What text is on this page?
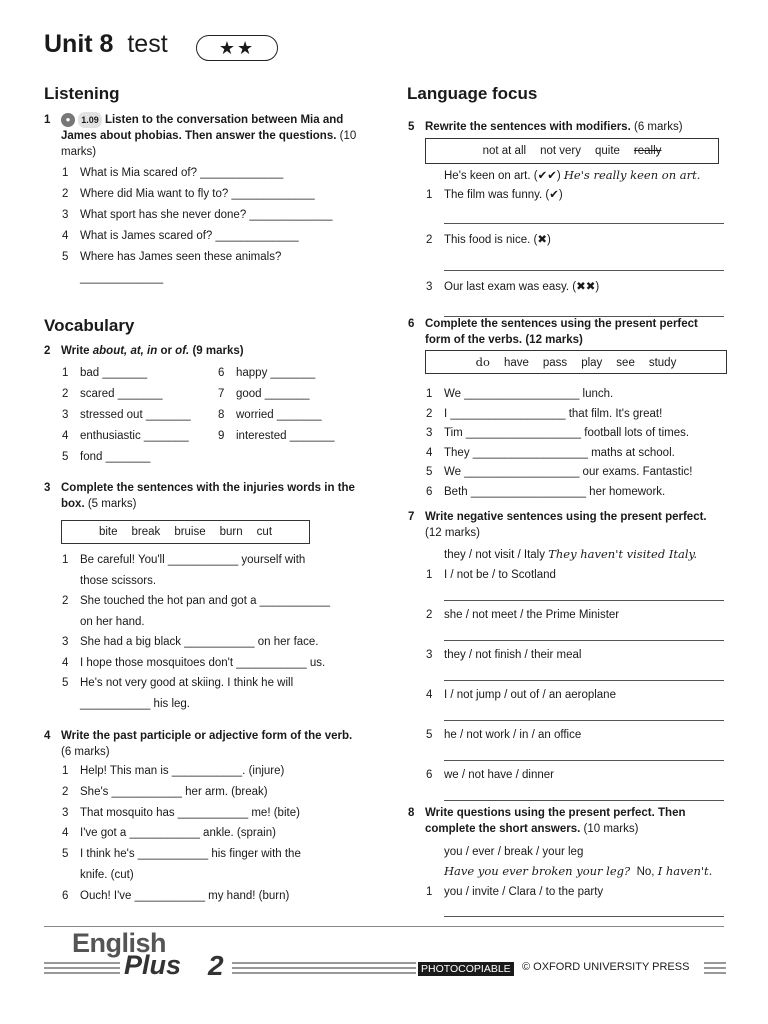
Unit 8 test	★★
Listening
1 ● 1.09 Listen to the conversation between Mia and James about phobias. Then answer the questions. (10 marks)
1 What is Mia scared of? _____________
2 Where did Mia want to fly to? _____________
3 What sport has she never done? _____________
4 What is James scared of? _____________
5 Where has James seen these animals?
_____________
Vocabulary
2 Write about, at, in or of. (9 marks)
1 bad _______
2 scared _______
3 stressed out _______
4 enthusiastic _______
5 fond _______
6 happy _______
7 good _______
8 worried _______
9 interested _______
3 Complete the sentences with the injuries words in the box. (5 marks)
bite break bruise burn cut
1 Be careful! You'll ___________ yourself with
those scissors.
2 She touched the hot pan and got a ___________
on her hand.
3 She had a big black ___________ on her face.
4 I hope those mosquitoes don't ___________ us.
5 He's not very good at skiing. I think he will
___________ his leg.
4 Write the past participle or adjective form of the verb. (6 marks)
1 Help! This man is ___________. (injure)
2 She's ___________ her arm. (break)
3 That mosquito has ___________ me! (bite)
4 I've got a ___________ ankle. (sprain)
5 I think he's ___________ his finger with the
knife. (cut)
6 Ouch! I've ___________ my hand! (burn)
Language focus
5 Rewrite the sentences with modifiers. (6 marks)
not at all not very quite really
He's keen on art. (✔✔) He's really keen on art.
1 The film was funny. (✔)
2 This food is nice. (✖)
3 Our last exam was easy. (✖✖)
6 Complete the sentences using the present perfect form of the verbs. (12 marks)
do have pass play see study
1 We __________________ lunch.
2 I __________________ that film. It's great!
3 Tim __________________ football lots of times.
4 They __________________ maths at school.
5 We __________________ our exams. Fantastic!
6 Beth __________________ her homework.
7 Write negative sentences using the present perfect. (12 marks)
they / not visit / Italy They haven't visited Italy.
1 I / not be / to Scotland
2 she / not meet / the Prime Minister
3 they / not finish / their meal
4 I / not jump / out of / an aeroplane
5 he / not work / in / an office
6 we / not have / dinner
8 Write questions using the present perfect. Then complete the short answers. (10 marks)
you / ever / break / your leg
Have you ever broken your leg? No, I haven't.
1 you / invite / Clara / to the party
English
Plus 2	PHOTOCOPIABLE © OXFORD UNIVERSITY PRESS
